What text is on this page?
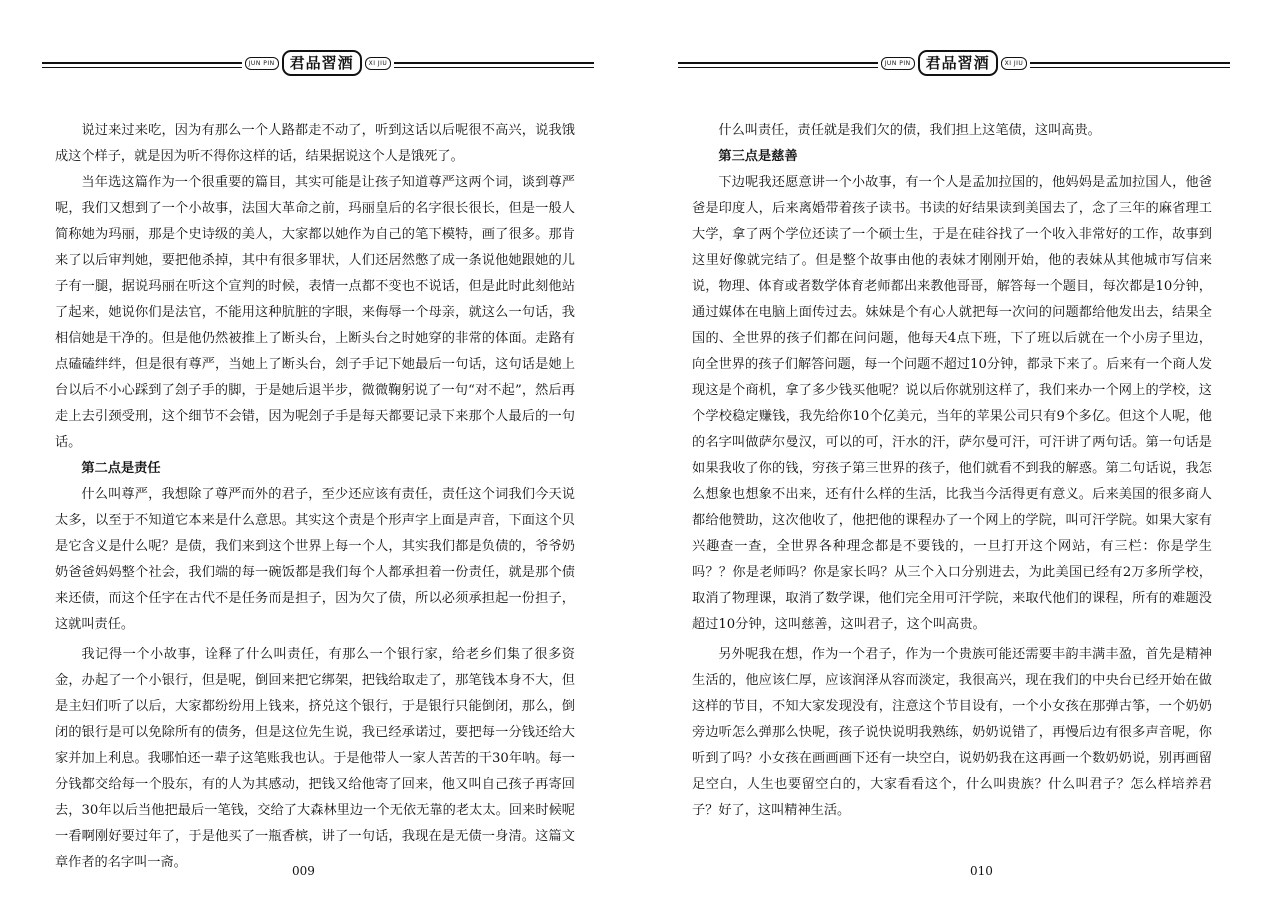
JUN PIN	君品習酒	XI JIU

说过来过来吃，因为有那么一个人路都走不动了，听到这话以后呢很不高兴，说我饿成这个样子，就是因为听不得你这样的话，结果据说这个人是饿死了。

当年选这篇作为一个很重要的篇目，其实可能是让孩子知道尊严这两个词，谈到尊严呢，我们又想到了一个小故事，法国大革命之前，玛丽皇后的名字很长很长，但是一般人简称她为玛丽，那是个史诗级的美人，大家都以她作为自己的笔下模特，画了很多。那肯来了以后审判她，要把他杀掉，其中有很多罪状，人们还居然憋了成一条说他她跟她的儿子有一腿，据说玛丽在听这个宣判的时候，表情一点都不变也不说话，但是此时此刻他站了起来，她说你们是法官，不能用这种肮脏的字眼，来侮辱一个母亲，就这么一句话，我相信她是干净的。但是他仍然被推上了断头台，上断头台之时她穿的非常的体面。走路有点磕磕绊绊，但是很有尊严，当她上了断头台，刽子手记下她最后一句话，这句话是她上台以后不小心踩到了刽子手的脚，于是她后退半步，微微鞠躬说了一句“对不起”，然后再走上去引颈受刑，这个细节不会错，因为呢刽子手是每天都要记录下来那个人最后的一句话。

第二点是责任

什么叫尊严，我想除了尊严而外的君子，至少还应该有责任，责任这个词我们今天说太多，以至于不知道它本来是什么意思。其实这个责是个形声字上面是声音，下面这个贝是它含义是什么呢？是债，我们来到这个世界上每一个人，其实我们都是负债的，爷爷奶奶爸爸妈妈整个社会，我们端的每一碗饭都是我们每个人都承担着一份责任，就是那个债来还债，而这个任字在古代不是任务而是担子，因为欠了债，所以必须承担起一份担子，这就叫责任。

我记得一个小故事，诠释了什么叫责任，有那么一个银行家，给老乡们集了很多资金，办起了一个小银行，但是呢，倒回来把它绑架，把钱给取走了，那笔钱本身不大，但是主妇们听了以后，大家都纷纷用上钱来，挤兑这个银行，于是银行只能倒闭，那么，倒闭的银行是可以免除所有的债务，但是这位先生说，我已经承诺过，要把每一分钱还给大家并加上利息。我哪怕还一辈子这笔账我也认。于是他带人一家人苦苦的干30年呐。每一分钱都交给每一个股东，有的人为其感动，把钱又给他寄了回来，他又叫自己孩子再寄回去，30年以后当他把最后一笔钱，交给了大森林里边一个无依无靠的老太太。回来时候呢一看啊刚好要过年了，于是他买了一瓶香槟，讲了一句话，我现在是无债一身清。这篇文章作者的名字叫一斋。

009
JUN PIN	君品習酒	XI JIU

什么叫责任，责任就是我们欠的债，我们担上这笔债，这叫高贵。

第三点是慈善

下边呢我还愿意讲一个小故事，有一个人是孟加拉国的，他妈妈是孟加拉国人，他爸爸是印度人，后来离婚带着孩子读书。书读的好结果读到美国去了，念了三年的麻省理工大学，拿了两个学位还读了一个硕士生，于是在硅谷找了一个收入非常好的工作，故事到这里好像就完结了。但是整个故事由他的表妹才刚刚开始，他的表妹从其他城市写信来说，物理、体育或者数学体育老师都出来教他哥哥，解答每一个题目，每次都是10分钟，通过媒体在电脑上面传过去。妹妹是个有心人就把每一次问的问题都给他发出去，结果全国的、全世界的孩子们都在问问题，他每天4点下班，下了班以后就在一个小房子里边，向全世界的孩子们解答问题，每一个问题不超过10分钟，都录下来了。后来有一个商人发现这是个商机，拿了多少钱买他呢？说以后你就别这样了，我们来办一个网上的学校，这个学校稳定赚钱，我先给你10个亿美元，当年的苹果公司只有9个多亿。但这个人呢，他的名字叫做萨尔曼汉，可以的可，汗水的汗，萨尔曼可汗，可汗讲了两句话。第一句话是如果我收了你的钱，穷孩子第三世界的孩子，他们就看不到我的解惑。第二句话说，我怎么想象也想象不出来，还有什么样的生活，比我当今活得更有意义。后来美国的很多商人都给他赞助，这次他收了，他把他的课程办了一个网上的学院，叫可汗学院。如果大家有兴趣查一查，全世界各种理念都是不要钱的，一旦打开这个网站，有三栏：你是学生吗？？你是老师吗？你是家长吗？从三个入口分别进去，为此美国已经有2万多所学校，取消了物理课，取消了数学课，他们完全用可汗学院，来取代他们的课程，所有的难题没超过10分钟，这叫慈善，这叫君子，这个叫高贵。

另外呢我在想，作为一个君子，作为一个贵族可能还需要丰韵丰满丰盈，首先是精神生活的，他应该仁厚，应该润泽从容而淡定，我很高兴，现在我们的中央台已经开始在做这样的节目，不知大家发现没有，注意这个节目设有，一个小女孩在那弹古筝，一个奶奶旁边听怎么弹那么快呢，孩子说快说明我熟练，奶奶说错了，再慢后边有很多声音呢，你听到了吗？小女孩在画画画下还有一块空白，说奶奶我在这再画一个数奶奶说，别再画留足空白，人生也要留空白的，大家看看这个，什么叫贵族？什么叫君子？怎么样培养君子？好了，这叫精神生活。

010
